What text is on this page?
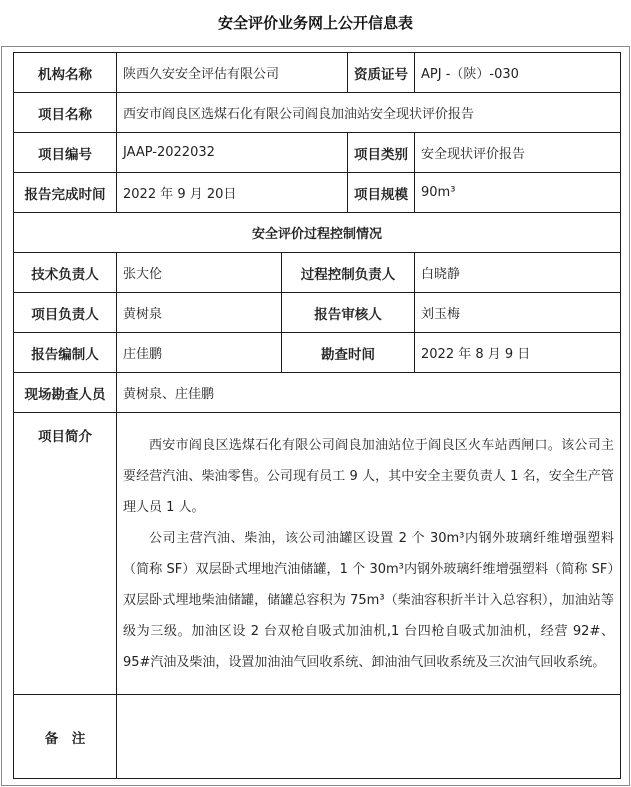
安全评价业务网上公开信息表
机构名称	陕西久安安全评估有限公司		资质证号	APJ -（陕）-030
项目名称	西安市阎良区选煤石化有限公司阎良加油站安全现状评价报告			
项目编号	JAAP-2022032		项目类别	安全现状评价报告
报告完成时间	2022 年 9 月 20日		项目规模	90m³
安全评价过程控制情况				
技术负责人	张大伦	过程控制负责人		白晓静
项目负责人	黄树泉	报告审核人		刘玉梅
报告编制人	庄佳鹏	勘查时间		2022 年 8 月 9 日
现场勘查人员	黄树泉、庄佳鹏			
项目简介	西安市阎良区选煤石化有限公司阎良加油站位于阎良区火车站西闸口。该公司主要经营汽油、柴油零售。公司现有员工 9 人，其中安全主要负责人 1 名，安全生产管理人员 1 人。

公司主营汽油、柴油，该公司油罐区设置 2 个 30m³内钢外玻璃纤维增强塑料（简称 SF）双层卧式埋地汽油储罐，1 个 30m³内钢外玻璃纤维增强塑料（简称 SF）双层卧式埋地柴油储罐，储罐总容积为 75m³（柴油容积折半计入总容积），加油站等级为三级。加油区设 2 台双枪自吸式加油机,1 台四枪自吸式加油机，经营 92#、95#汽油及柴油，设置加油油气回收系统、卸油油气回收系统及三次油气回收系统。			

备　注				
